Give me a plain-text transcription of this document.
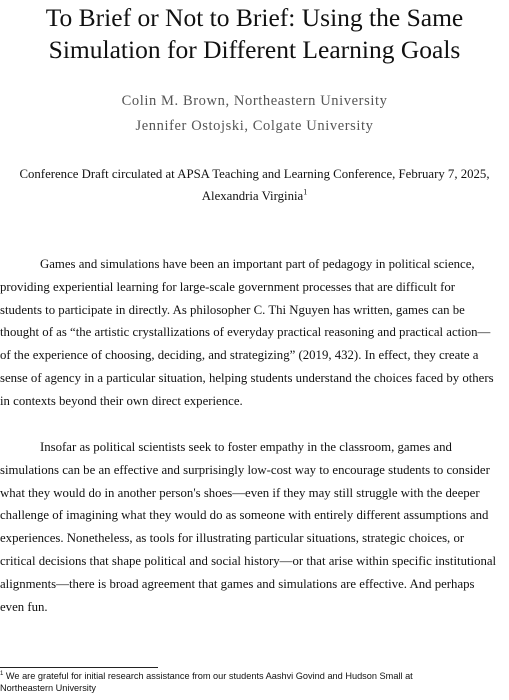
To Brief or Not to Brief: Using the Same
Simulation for Different Learning Goals
Colin M. Brown, Northeastern University
Jennifer Ostojski, Colgate University
Conference Draft circulated at APSA Teaching and Learning Conference, February 7, 2025,
Alexandria Virginia$^1$
Games and simulations have been an important part of pedagogy in political science,
providing experiential learning for large-scale government processes that are difficult for
students to participate in directly. As philosopher C. Thi Nguyen has written, games can be
thought of as “the artistic crystallizations of everyday practical reasoning and practical action—
of the experience of choosing, deciding, and strategizing” (2019, 432). In effect, they create a
sense of agency in a particular situation, helping students understand the choices faced by others
in contexts beyond their own direct experience.
Insofar as political scientists seek to foster empathy in the classroom, games and
simulations can be an effective and surprisingly low-cost way to encourage students to consider
what they would do in another person's shoes—even if they may still struggle with the deeper
challenge of imagining what they would do as someone with entirely different assumptions and
experiences. Nonetheless, as tools for illustrating particular situations, strategic choices, or
critical decisions that shape political and social history—or that arise within specific institutional
alignments—there is broad agreement that games and simulations are effective. And perhaps
even fun.
$^1$ We are grateful for initial research assistance from our students Aashvi Govind and Hudson Small at
Northeastern University
